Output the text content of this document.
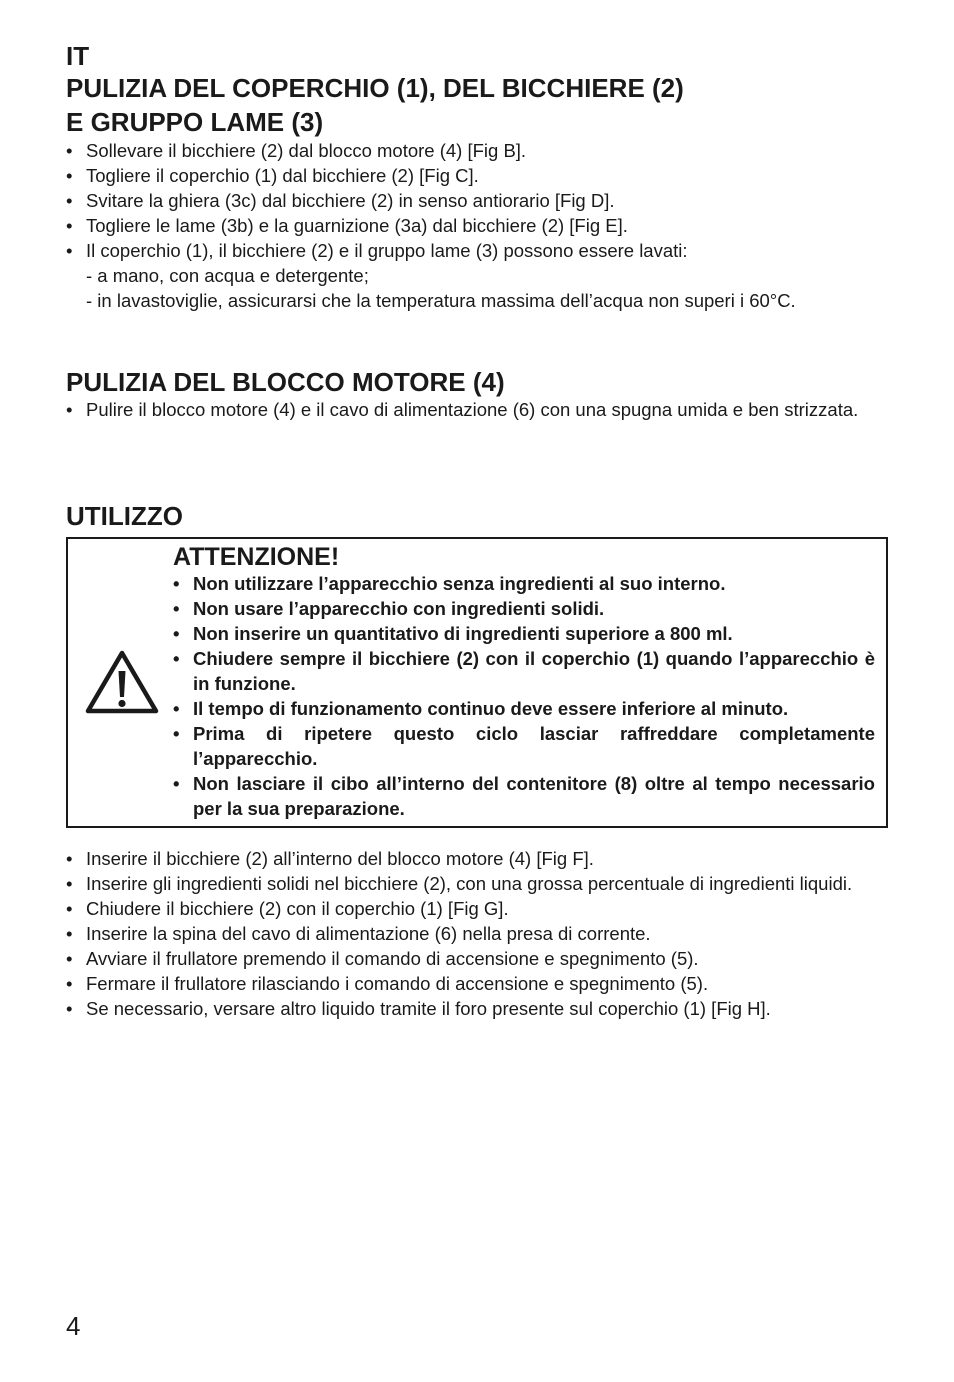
IT
PULIZIA DEL COPERCHIO (1), DEL BICCHIERE (2)
E GRUPPO LAME (3)
• Sollevare il bicchiere (2) dal blocco motore (4) [Fig B].
• Togliere il coperchio (1) dal bicchiere (2) [Fig C].
• Svitare la ghiera (3c) dal bicchiere (2) in senso antiorario [Fig D].
• Togliere le lame (3b) e la guarnizione (3a) dal bicchiere (2) [Fig E].
• Il coperchio (1), il bicchiere (2) e il gruppo lame (3) possono essere lavati:
- a mano, con acqua e detergente;
- in lavastoviglie, assicurarsi che la temperatura massima dell’acqua non superi i 60°C.
PULIZIA DEL BLOCCO MOTORE (4)
• Pulire il blocco motore (4) e il cavo di alimentazione (6) con una spugna umida e ben strizzata.
UTILIZZO
ATTENZIONE!
• Non utilizzare l’apparecchio senza ingredienti al suo interno.
• Non usare l’apparecchio con ingredienti solidi.
• Non inserire un quantitativo di ingredienti superiore a 800 ml.
• Chiudere sempre il bicchiere (2) con il coperchio (1) quando l’apparecchio è in funzione.
• Il tempo di funzionamento continuo deve essere inferiore al minuto.
• Prima di ripetere questo ciclo lasciar raffreddare completamente l’apparecchio.
• Non lasciare il cibo all’interno del contenitore (8) oltre al tempo necessario per la sua preparazione.
• Inserire il bicchiere (2) all’interno del blocco motore (4) [Fig F].
• Inserire gli ingredienti solidi nel bicchiere (2), con una grossa percentuale di ingredienti liquidi.
• Chiudere il bicchiere (2) con il coperchio (1) [Fig G].
• Inserire la spina del cavo di alimentazione (6) nella presa di corrente.
• Avviare il frullatore premendo il comando di accensione e spegnimento (5).
• Fermare il frullatore rilasciando i comando di accensione e spegnimento (5).
• Se necessario, versare altro liquido tramite il foro presente sul coperchio (1) [Fig H].
4
